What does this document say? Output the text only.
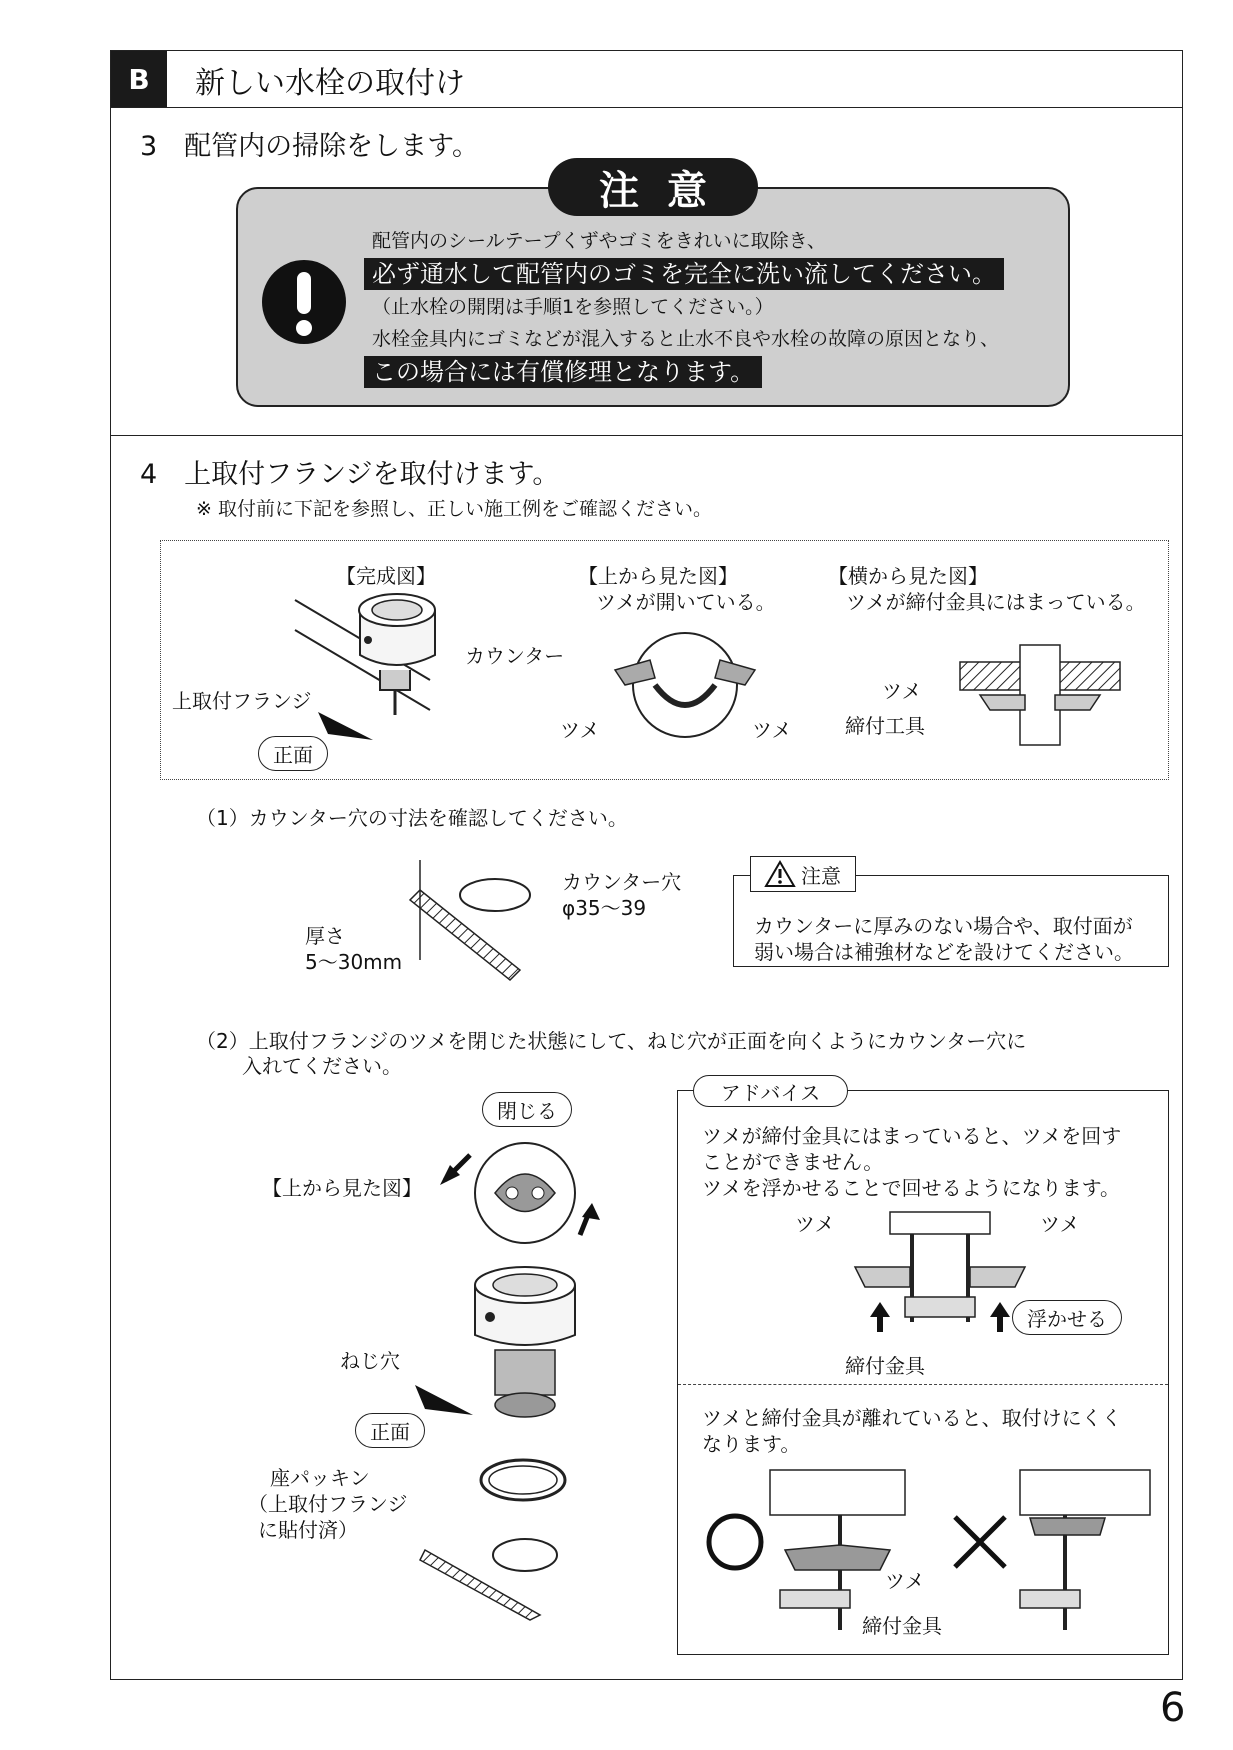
B	新しい水栓の取付け
3　配管内の掃除をします。
注意
配管内のシールテープくずやゴミをきれいに取除き、
必ず通水して配管内のゴミを完全に洗い流してください。
（止水栓の開閉は手順1を参照してください。）
水栓金具内にゴミなどが混入すると止水不良や水栓の故障の原因となり、
この場合には有償修理となります。
4　上取付フランジを取付けます。
※ 取付前に下記を参照し、正しい施工例をご確認ください。
【完成図】
カウンター
上取付フランジ
正面
【上から見た図】
ツメが開いている。
ツメ	ツメ
【横から見た図】
ツメが締付金具にはまっている。
ツメ
締付工具
（1）カウンター穴の寸法を確認してください。
カウンター穴
φ35～39
厚さ
5～30mm
注意
カウンターに厚みのない場合や、取付面が
弱い場合は補強材などを設けてください。
（2）上取付フランジのツメを閉じた状態にして、ねじ穴が正面を向くようにカウンター穴に
入れてください。
閉じる
【上から見た図】
ねじ穴
正面
座パッキン
（上取付フランジ
に貼付済）
アドバイス
ツメが締付金具にはまっていると、ツメを回す
ことができません。
ツメを浮かせることで回せるようになります。
ツメ	ツメ
浮かせる
締付金具
ツメと締付金具が離れていると、取付けにくく
なります。
ツメ
締付金具
6
